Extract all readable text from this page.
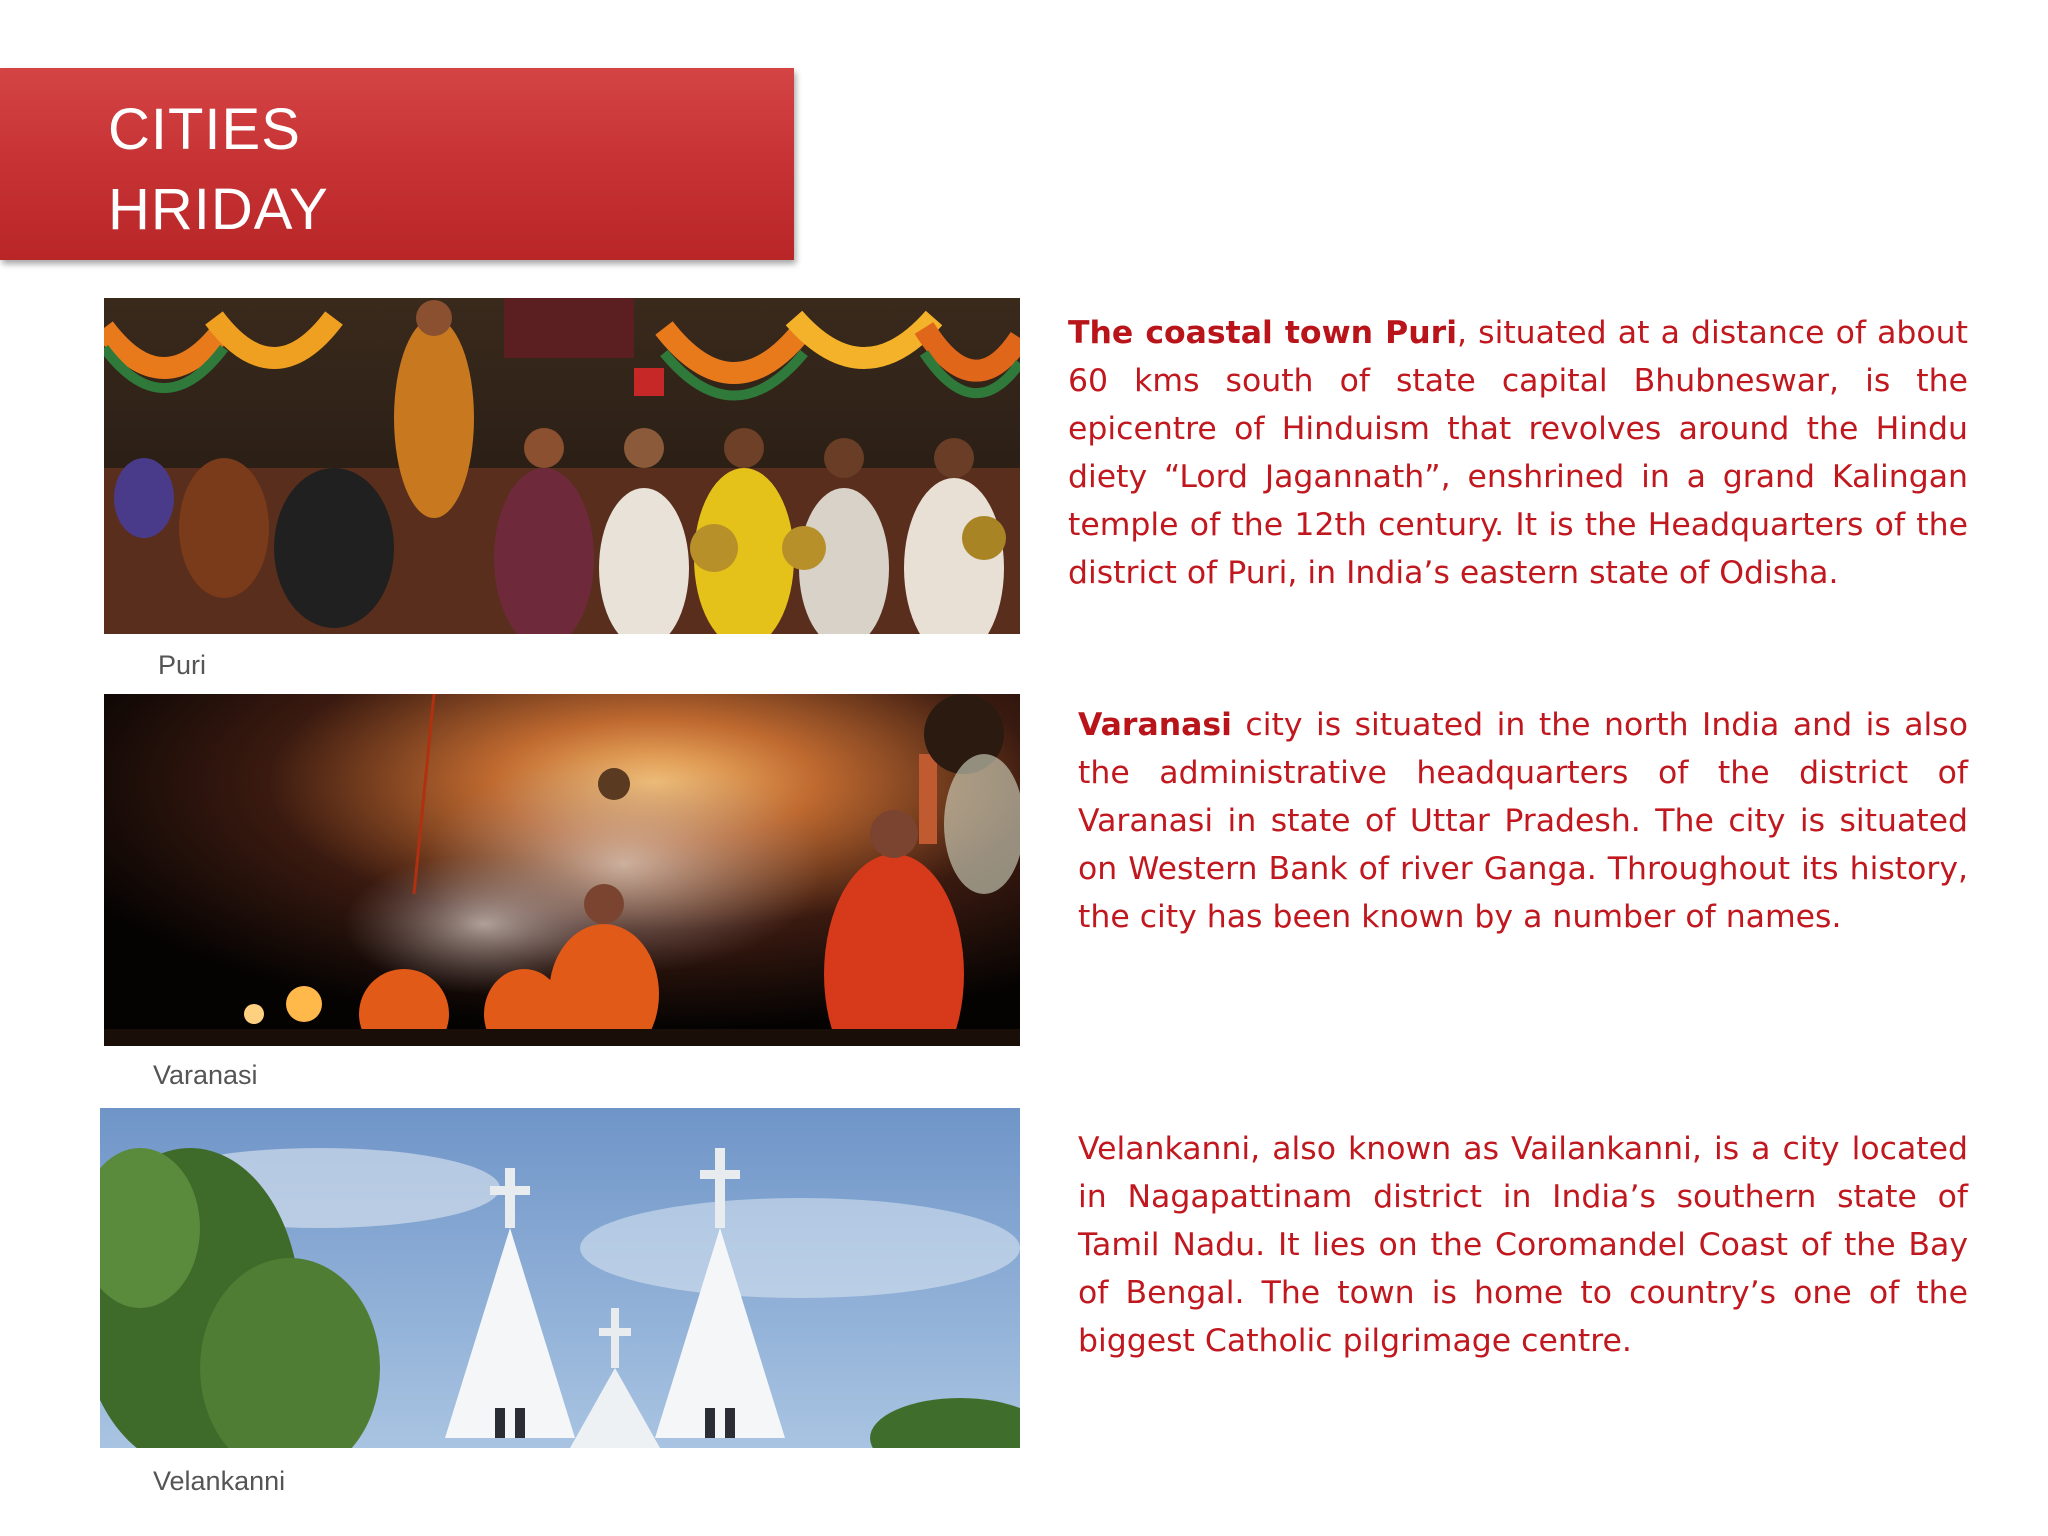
CITIES
HRIDAY
Puri
Varanasi
Velankanni

The coastal town Puri, situated at a distance of about 60 kms south of state capital Bhubneswar, is the epicentre of Hinduism that revolves around the Hindu diety “Lord Jagannath”, enshrined in a grand Kalingan temple of the 12th century. It is the Headquarters of the district of Puri, in India’s eastern state of Odisha.

Varanasi city is situated in the north India and is also the administrative headquarters of the district of Varanasi in state of Uttar Pradesh. The city is situated on Western Bank of river Ganga. Throughout its history, the city has been known by a number of names.

Velankanni, also known as Vailankanni, is a city located in Nagapattinam district in India’s southern state of Tamil Nadu. It lies on the Coromandel Coast of the Bay of Bengal. The town is home to country’s one of the biggest Catholic pilgrimage centre.
